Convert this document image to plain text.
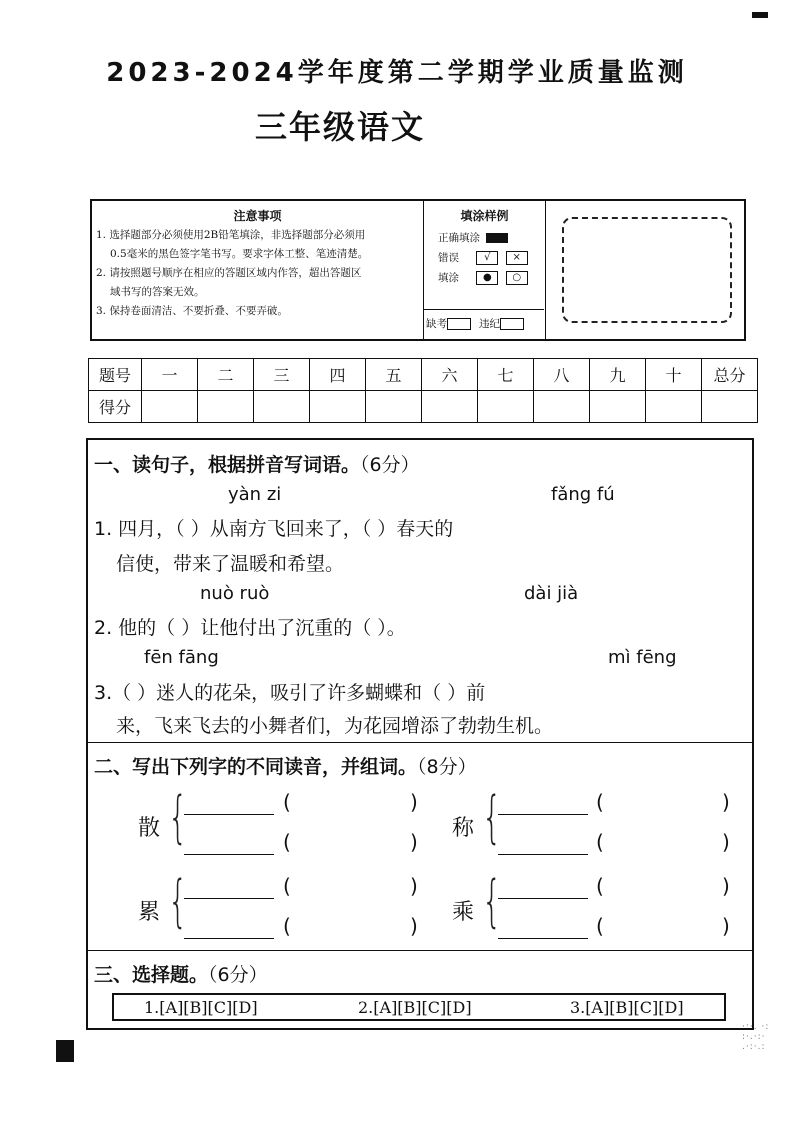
·:·. ·:
:·.·:·
.·:·.:
2023-2024学年度第二学期学业质量监测
三年级语文
注意事项
1. 选择题部分必须使用2B铅笔填涂，非选择题部分必须用
0.5毫米的黑色签字笔书写。要求字体工整、笔迹清楚。
2. 请按照题号顺序在相应的答题区域内作答，超出答题区
域书写的答案无效。
3. 保持卷面清洁、不要折叠、不要弄破。
填涂样例
正确填涂
错误	√ ×
填涂 ● ○
缺考	违纪
题号	一	二	三	四	五	六	七	八	九	十	总分
得分											
一、读句子，根据拼音写词语。（6分）
yàn zi	fǎng fú
1. 四月，（ ）从南方飞回来了，（ ）春天的
信使，带来了温暖和希望。
nuò ruò	dài jià
2. 他的（ ）让他付出了沉重的（ ）。
fēn fāng	mì fēng
3.（ ）迷人的花朵，吸引了许多蝴蝶和（ ）前
来，飞来飞去的小舞者们，为花园增添了勃勃生机。
二、写出下列字的不同读音，并组词。（8分）
散 {	(	)
(	)
称 {	(	)
(	)
累 {	(	)
(	)
乘 {	(	)
(	)
三、选择题。（6分）
1.[A][B][C][D]	2.[A][B][C][D]	3.[A][B][C][D]
